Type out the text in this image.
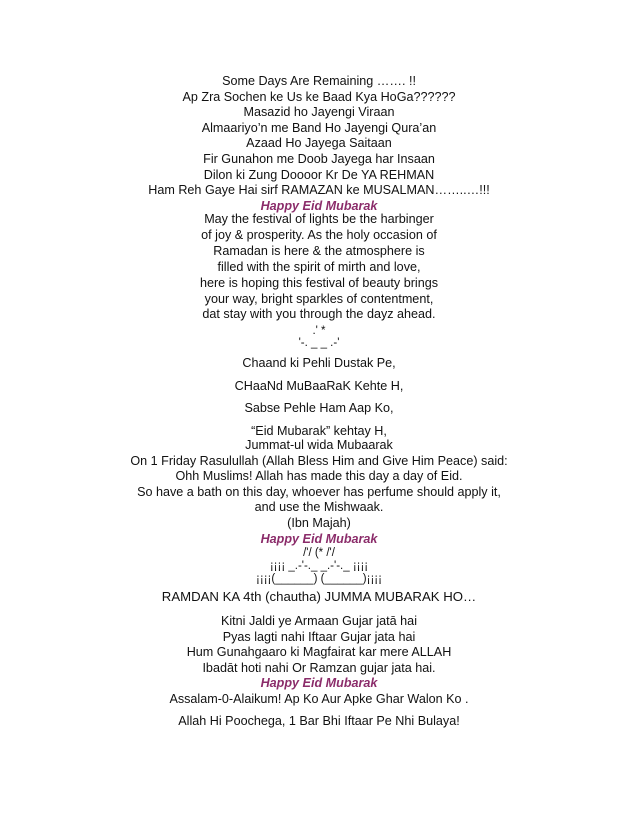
Some Days Are Remaining ……. !!
Ap Zra Sochen ke Us ke Baad Kya HoGa??????
Masazid ho Jayengi Viraan
Almaariyo’n me Band Ho Jayengi Qura’an
Azaad Ho Jayega Saitaan
Fir Gunahon me Doob Jayega har Insaan
Dilon ki Zung Doooor Kr De YA REHMAN
Ham Reh Gaye Hai sirf RAMAZAN ke MUSALMAN……..…!!!
Happy Eid Mubarak
May the festival of lights be the harbinger
of joy & prosperity. As the holy occasion of
Ramadan is here & the atmosphere is
filled with the spirit of mirth and love,
here is hoping this festival of beauty brings
your way, bright sparkles of contentment,
dat stay with you through the dayz ahead.
.' *
'-. _ _ .-'
Chaand ki Pehli Dustak Pe,
CHaaNd MuBaaRaK Kehte H,
Sabse Pehle Ham Aap Ko,
“Eid Mubarak” kehtay H,
Jummat-ul wida Mubaarak
On 1 Friday Rasulullah (Allah Bless Him and Give Him Peace) said:
Ohh Muslims! Allah has made this day a day of Eid.
So have a bath on this day, whoever has perfume should apply it,
and use the Mishwaak.
(Ibn Majah)
Happy Eid Mubarak
/'/ (* /'/
¡¡¡¡ _.-'-._ _.-'-._ ¡¡¡¡
¡¡¡¡(______) (______)¡¡¡¡
RAMDAN KA 4th (chautha) JUMMA MUBARAK HO…
Kitni Jaldi ye Armaan Gujar jatā hai
Pyas lagti nahi Iftaar Gujar jata hai
Hum Gunahgaaro ki Magfairat kar mere ALLAH
Ibadāt hoti nahi Or Ramzan gujar jata hai.
Happy Eid Mubarak
Assalam-0-Alaikum! Ap Ko Aur Apke Ghar Walon Ko .
Allah Hi Poochega, 1 Bar Bhi Iftaar Pe Nhi Bulaya!
